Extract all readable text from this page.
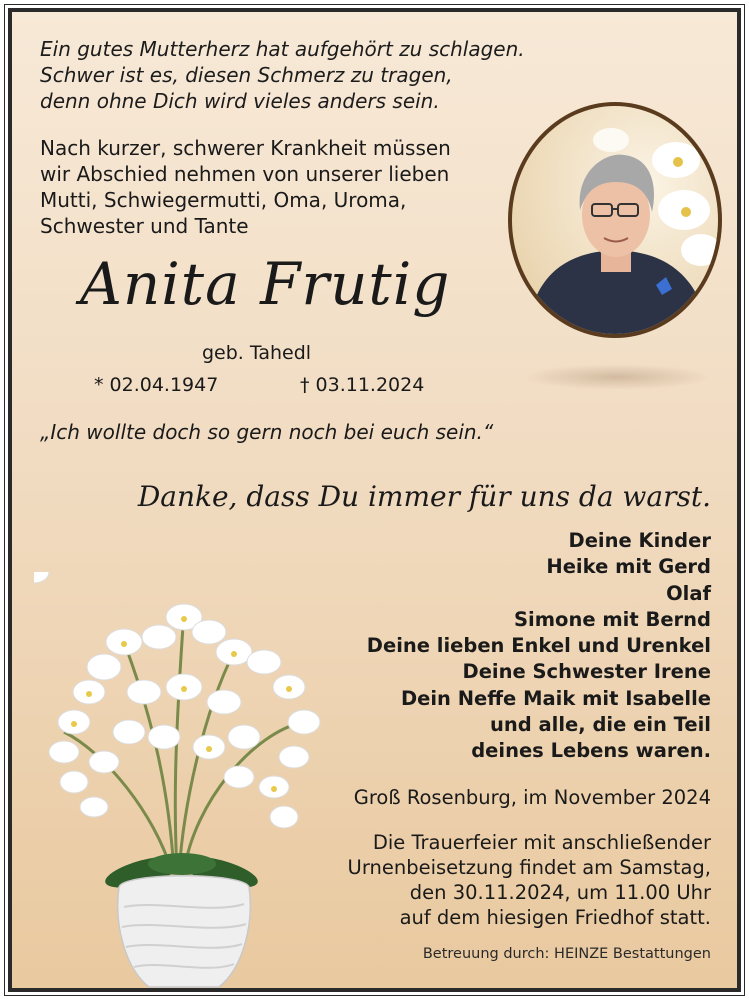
Ein gutes Mutterherz hat aufgehört zu schlagen.
Schwer ist es, diesen Schmerz zu tragen,
denn ohne Dich wird vieles anders sein.
Nach kurzer, schwerer Krankheit müssen
wir Abschied nehmen von unserer lieben
Mutti, Schwiegermutti, Oma, Uroma,
Schwester und Tante
Anita Frutig
geb. Tahedl
* 02.04.1947	† 03.11.2024
„Ich wollte doch so gern noch bei euch sein.“
Danke, dass Du immer für uns da warst.
Deine Kinder
Heike mit Gerd
Olaf
Simone mit Bernd
Deine lieben Enkel und Urenkel
Deine Schwester Irene
Dein Neffe Maik mit Isabelle
und alle, die ein Teil
deines Lebens waren.
Groß Rosenburg, im November 2024
Die Trauerfeier mit anschließender
Urnenbeisetzung findet am Samstag,
den 30.11.2024, um 11.00 Uhr
auf dem hiesigen Friedhof statt.
Betreuung durch: HEINZE Bestattungen
